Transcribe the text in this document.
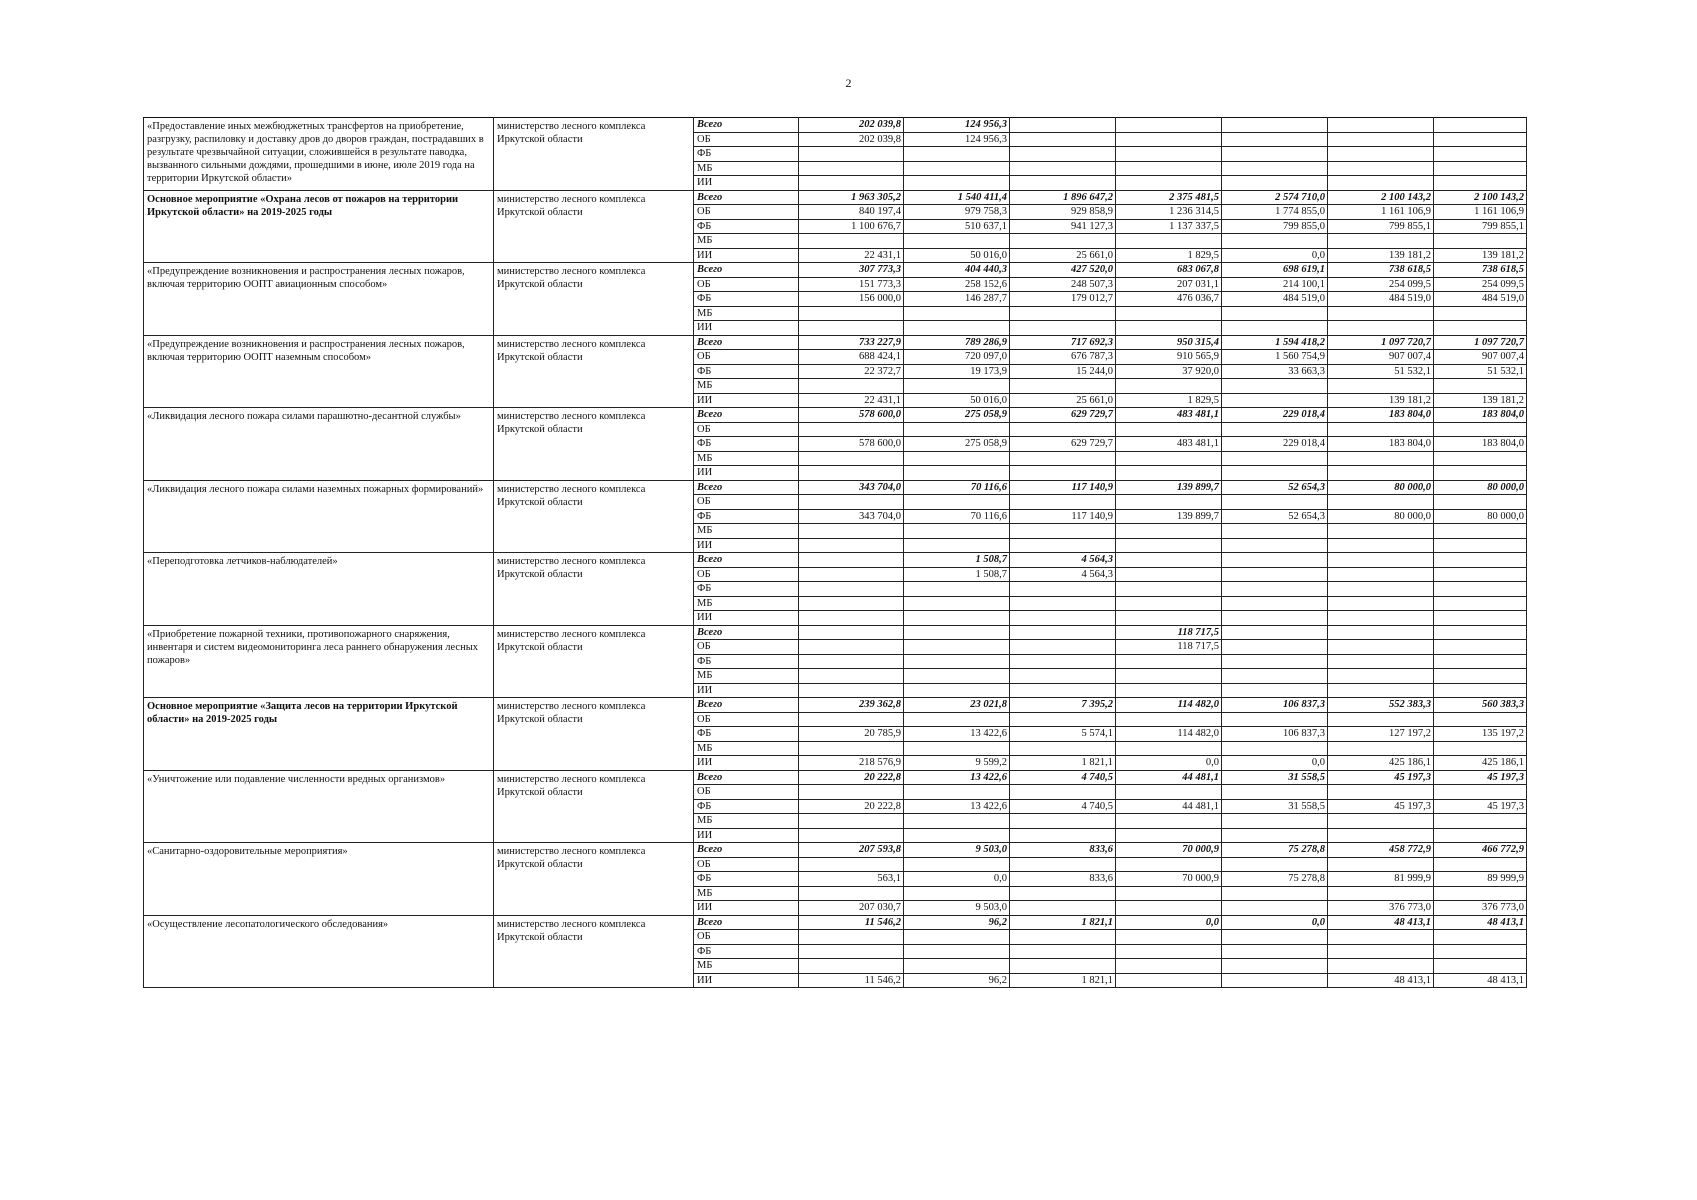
2
«Предоставление иных межбюджетных трансфертов на приобретение, разгрузку, распиловку и доставку дров до дворов граждан, пострадавших в результате чрезвычайной ситуации, сложившейся в результате паводка, вызванного сильными дождями, прошедшими в июне, июле 2019 года на территории Иркутской области»	министерство лесного комплекса Иркутской области	Всего	202 039,8	124 956,3					
		ОБ	202 039,8	124 956,3					
		ФБ							
		МБ							
		ИИ							
Основное мероприятие «Охрана лесов от пожаров на территории Иркутской области» на 2019-2025 годы	министерство лесного комплекса Иркутской области	Всего	1 963 305,2	1 540 411,4	1 896 647,2	2 375 481,5	2 574 710,0	2 100 143,2	2 100 143,2
		ОБ	840 197,4	979 758,3	929 858,9	1 236 314,5	1 774 855,0	1 161 106,9	1 161 106,9
		ФБ	1 100 676,7	510 637,1	941 127,3	1 137 337,5	799 855,0	799 855,1	799 855,1
		МБ							
		ИИ	22 431,1	50 016,0	25 661,0	1 829,5	0,0	139 181,2	139 181,2
«Предупреждение возникновения и распространения лесных пожаров, включая территорию ООПТ авиационным способом»	министерство лесного комплекса Иркутской области	Всего	307 773,3	404 440,3	427 520,0	683 067,8	698 619,1	738 618,5	738 618,5
		ОБ	151 773,3	258 152,6	248 507,3	207 031,1	214 100,1	254 099,5	254 099,5
		ФБ	156 000,0	146 287,7	179 012,7	476 036,7	484 519,0	484 519,0	484 519,0
		МБ							
		ИИ							
«Предупреждение возникновения и распространения лесных пожаров, включая территорию ООПТ наземным способом»	министерство лесного комплекса Иркутской области	Всего	733 227,9	789 286,9	717 692,3	950 315,4	1 594 418,2	1 097 720,7	1 097 720,7
		ОБ	688 424,1	720 097,0	676 787,3	910 565,9	1 560 754,9	907 007,4	907 007,4
		ФБ	22 372,7	19 173,9	15 244,0	37 920,0	33 663,3	51 532,1	51 532,1
		МБ							
		ИИ	22 431,1	50 016,0	25 661,0	1 829,5		139 181,2	139 181,2
«Ликвидация лесного пожара силами парашютно-десантной службы»	министерство лесного комплекса Иркутской области	Всего	578 600,0	275 058,9	629 729,7	483 481,1	229 018,4	183 804,0	183 804,0
		ОБ							
		ФБ	578 600,0	275 058,9	629 729,7	483 481,1	229 018,4	183 804,0	183 804,0
		МБ							
		ИИ							
«Ликвидация лесного пожара силами наземных пожарных формирований»	министерство лесного комплекса Иркутской области	Всего	343 704,0	70 116,6	117 140,9	139 899,7	52 654,3	80 000,0	80 000,0
		ОБ							
		ФБ	343 704,0	70 116,6	117 140,9	139 899,7	52 654,3	80 000,0	80 000,0
		МБ							
		ИИ							
«Переподготовка летчиков-наблюдателей»	министерство лесного комплекса Иркутской области	Всего		1 508,7	4 564,3				
		ОБ		1 508,7	4 564,3				
		ФБ							
		МБ							
		ИИ							
«Приобретение пожарной техники, противопожарного снаряжения, инвентаря и систем видеомониторинга леса раннего обнаружения лесных пожаров»	министерство лесного комплекса Иркутской области	Всего				118 717,5			
		ОБ				118 717,5			
		ФБ							
		МБ							
		ИИ							
Основное мероприятие «Защита лесов на территории Иркутской области» на 2019-2025 годы	министерство лесного комплекса Иркутской области	Всего	239 362,8	23 021,8	7 395,2	114 482,0	106 837,3	552 383,3	560 383,3
		ОБ							
		ФБ	20 785,9	13 422,6	5 574,1	114 482,0	106 837,3	127 197,2	135 197,2
		МБ							
		ИИ	218 576,9	9 599,2	1 821,1	0,0	0,0	425 186,1	425 186,1
«Уничтожение или подавление численности вредных организмов»	министерство лесного комплекса Иркутской области	Всего	20 222,8	13 422,6	4 740,5	44 481,1	31 558,5	45 197,3	45 197,3
		ОБ							
		ФБ	20 222,8	13 422,6	4 740,5	44 481,1	31 558,5	45 197,3	45 197,3
		МБ							
		ИИ							
«Санитарно-оздоровительные мероприятия»	министерство лесного комплекса Иркутской области	Всего	207 593,8	9 503,0	833,6	70 000,9	75 278,8	458 772,9	466 772,9
		ОБ							
		ФБ	563,1	0,0	833,6	70 000,9	75 278,8	81 999,9	89 999,9
		МБ							
		ИИ	207 030,7	9 503,0				376 773,0	376 773,0
«Осуществление лесопатологического обследования»	министерство лесного комплекса Иркутской области	Всего	11 546,2	96,2	1 821,1	0,0	0,0	48 413,1	48 413,1
		ОБ							
		ФБ							
		МБ							
		ИИ	11 546,2	96,2	1 821,1			48 413,1	48 413,1
